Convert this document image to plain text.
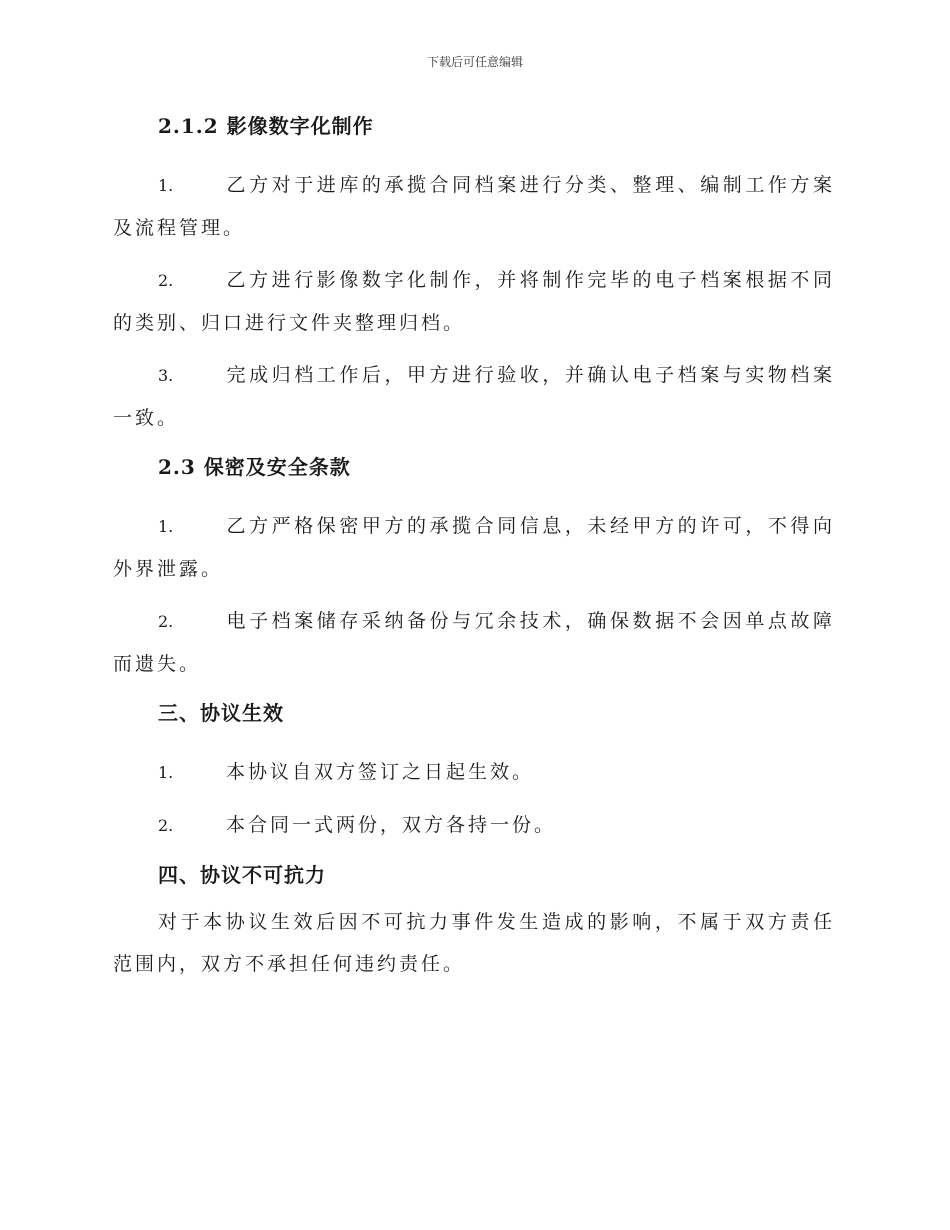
下载后可任意编辑
2.1.2 影像数字化制作
1.	乙方对于进库的承揽合同档案进行分类、整理、编制工作方案及流程管理。
2.	乙方进行影像数字化制作，并将制作完毕的电子档案根据不同的类别、归口进行文件夹整理归档。
3.	完成归档工作后，甲方进行验收，并确认电子档案与实物档案一致。
2.3 保密及安全条款
1.	乙方严格保密甲方的承揽合同信息，未经甲方的许可，不得向外界泄露。
2.	电子档案储存采纳备份与冗余技术，确保数据不会因单点故障而遗失。
三、协议生效
1.	本协议自双方签订之日起生效。
2.	本合同一式两份，双方各持一份。
四、协议不可抗力
对于本协议生效后因不可抗力事件发生造成的影响，不属于双方责任范围内，双方不承担任何违约责任。
